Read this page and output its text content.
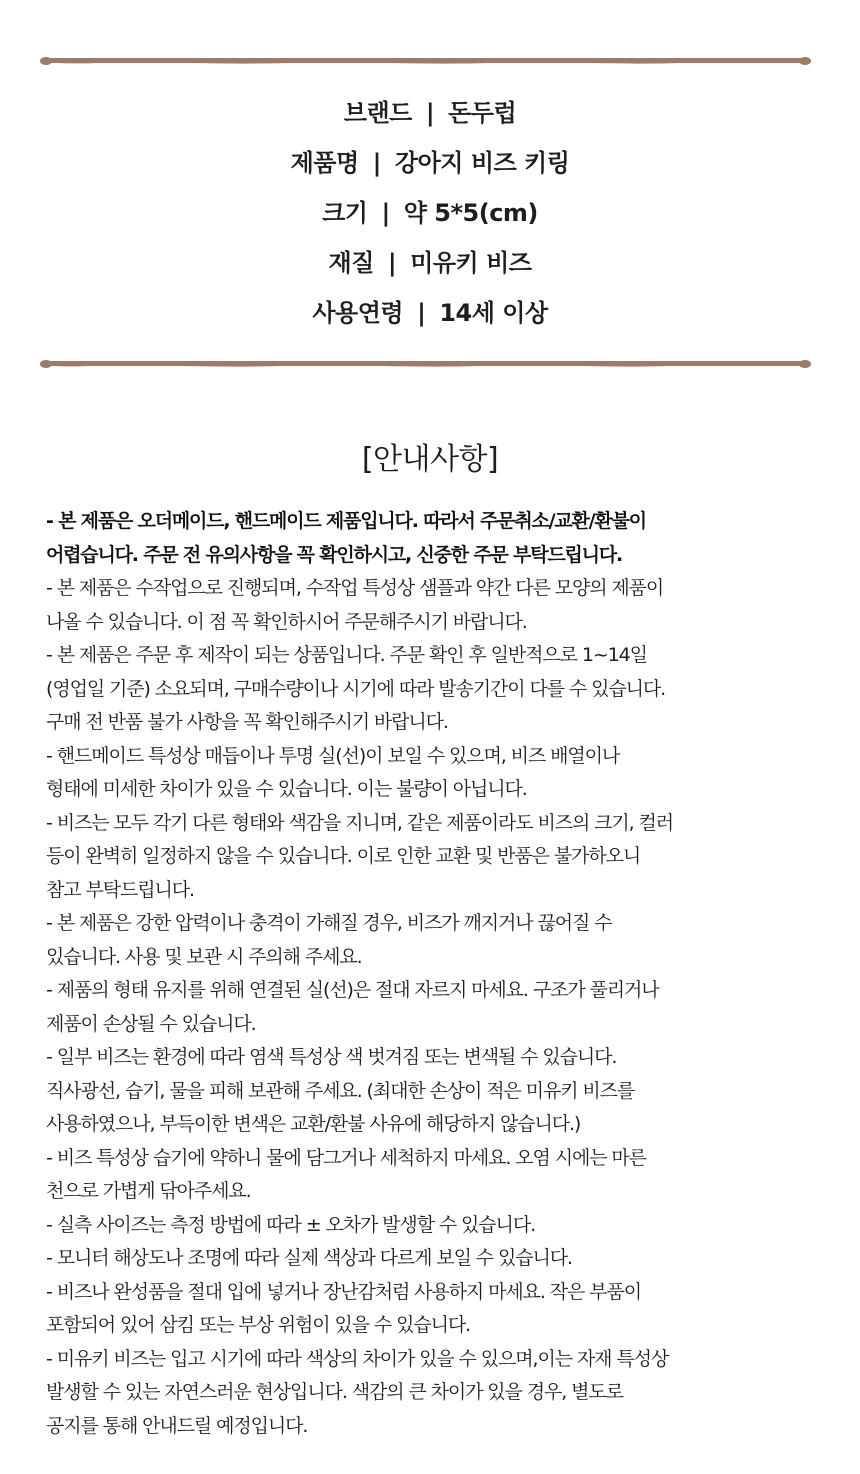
브랜드 | 돈두럽
제품명 | 강아지 비즈 키링
크기 | 약 5*5(cm)
재질 | 미유키 비즈
사용연령 | 14세 이상
[안내사항]
- 본 제품은 오더메이드, 핸드메이드 제품입니다. 따라서 주문취소/교환/환불이
어렵습니다. 주문 전 유의사항을 꼭 확인하시고, 신중한 주문 부탁드립니다.
- 본 제품은 수작업으로 진행되며, 수작업 특성상 샘플과 약간 다른 모양의 제품이
나올 수 있습니다. 이 점 꼭 확인하시어 주문해주시기 바랍니다.
- 본 제품은 주문 후 제작이 되는 상품입니다. 주문 확인 후 일반적으로 1~14일
(영업일 기준) 소요되며, 구매수량이나 시기에 따라 발송기간이 다를 수 있습니다.
구매 전 반품 불가 사항을 꼭 확인해주시기 바랍니다.
- 핸드메이드 특성상 매듭이나 투명 실(선)이 보일 수 있으며, 비즈 배열이나
형태에 미세한 차이가 있을 수 있습니다. 이는 불량이 아닙니다.
- 비즈는 모두 각기 다른 형태와 색감을 지니며, 같은 제품이라도 비즈의 크기, 컬러
등이 완벽히 일정하지 않을 수 있습니다. 이로 인한 교환 및 반품은 불가하오니
참고 부탁드립니다.
- 본 제품은 강한 압력이나 충격이 가해질 경우, 비즈가 깨지거나 끊어질 수
있습니다. 사용 및 보관 시 주의해 주세요.
- 제품의 형태 유지를 위해 연결된 실(선)은 절대 자르지 마세요. 구조가 풀리거나
제품이 손상될 수 있습니다.
- 일부 비즈는 환경에 따라 염색 특성상 색 벗겨짐 또는 변색될 수 있습니다.
직사광선, 습기, 물을 피해 보관해 주세요. (최대한 손상이 적은 미유키 비즈를
사용하였으나, 부득이한 변색은 교환/환불 사유에 해당하지 않습니다.)
- 비즈 특성상 습기에 약하니 물에 담그거나 세척하지 마세요. 오염 시에는 마른
천으로 가볍게 닦아주세요.
- 실측 사이즈는 측정 방법에 따라 ± 오차가 발생할 수 있습니다.
- 모니터 해상도나 조명에 따라 실제 색상과 다르게 보일 수 있습니다.
- 비즈나 완성품을 절대 입에 넣거나 장난감처럼 사용하지 마세요. 작은 부품이
포함되어 있어 삼킴 또는 부상 위험이 있을 수 있습니다.
- 미유키 비즈는 입고 시기에 따라 색상의 차이가 있을 수 있으며,이는 자재 특성상
발생할 수 있는 자연스러운 현상입니다. 색감의 큰 차이가 있을 경우, 별도로
공지를 통해 안내드릴 예정입니다.
